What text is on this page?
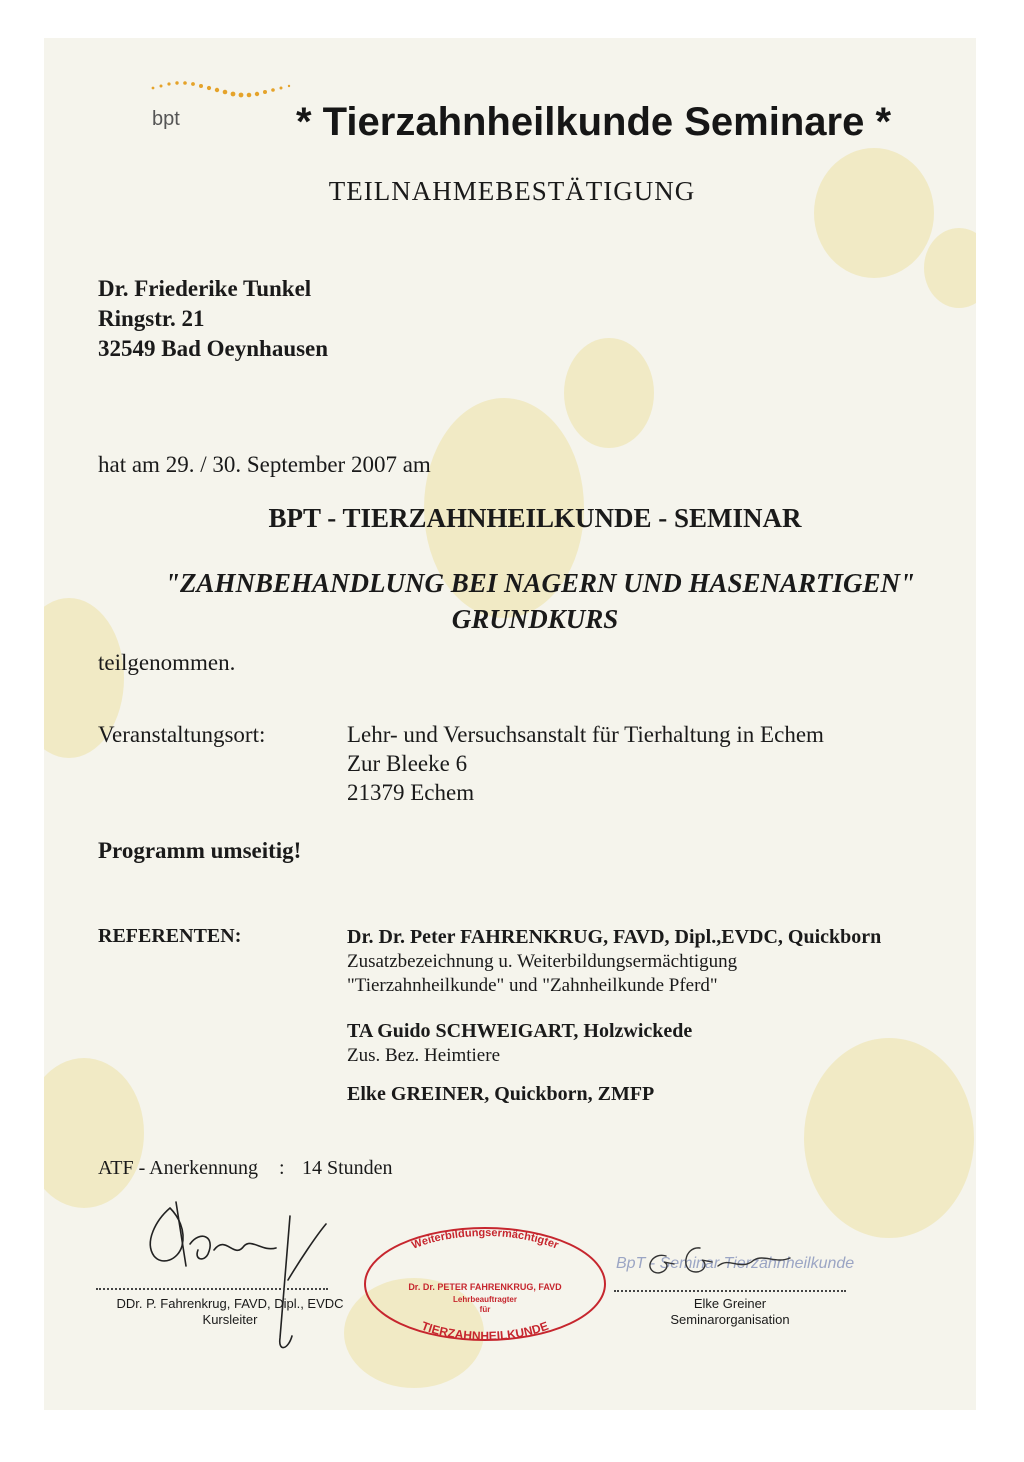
bpt	* Tierzahnheilkunde Seminare *
TEILNAHMEBESTÄTIGUNG
Dr. Friederike Tunkel
Ringstr. 21
32549 Bad Oeynhausen
hat am 29. / 30. September 2007 am
BPT - TIERZAHNHEILKUNDE - SEMINAR
"ZAHNBEHANDLUNG BEI NAGERN UND HASENARTIGEN"
GRUNDKURS
teilgenommen.
Veranstaltungsort:	Lehr- und Versuchsanstalt für Tierhaltung in Echem
Zur Bleeke 6
21379 Echem
Programm umseitig!
REFERENTEN:	Dr. Dr. Peter FAHRENKRUG, FAVD, Dipl.,EVDC, Quickborn
Zusatzbezeichnung u. Weiterbildungsermächtigung
"Tierzahnheilkunde" und "Zahnheilkunde Pferd"
TA Guido SCHWEIGART, Holzwickede
Zus. Bez. Heimtiere
Elke GREINER, Quickborn, ZMFP
ATF - Anerkennung : 14 Stunden
DDr. P. Fahrenkrug, FAVD, Dipl., EVDC
Kursleiter
Weiterbildungsermächtigter
Dr. Dr. PETER FAHRENKRUG, FAVD
Lehrbeauftragter
für
TIERZAHNHEILKUNDE
BpT - Seminar Tierzahnheilkunde
Elke Greiner
Seminarorganisation
